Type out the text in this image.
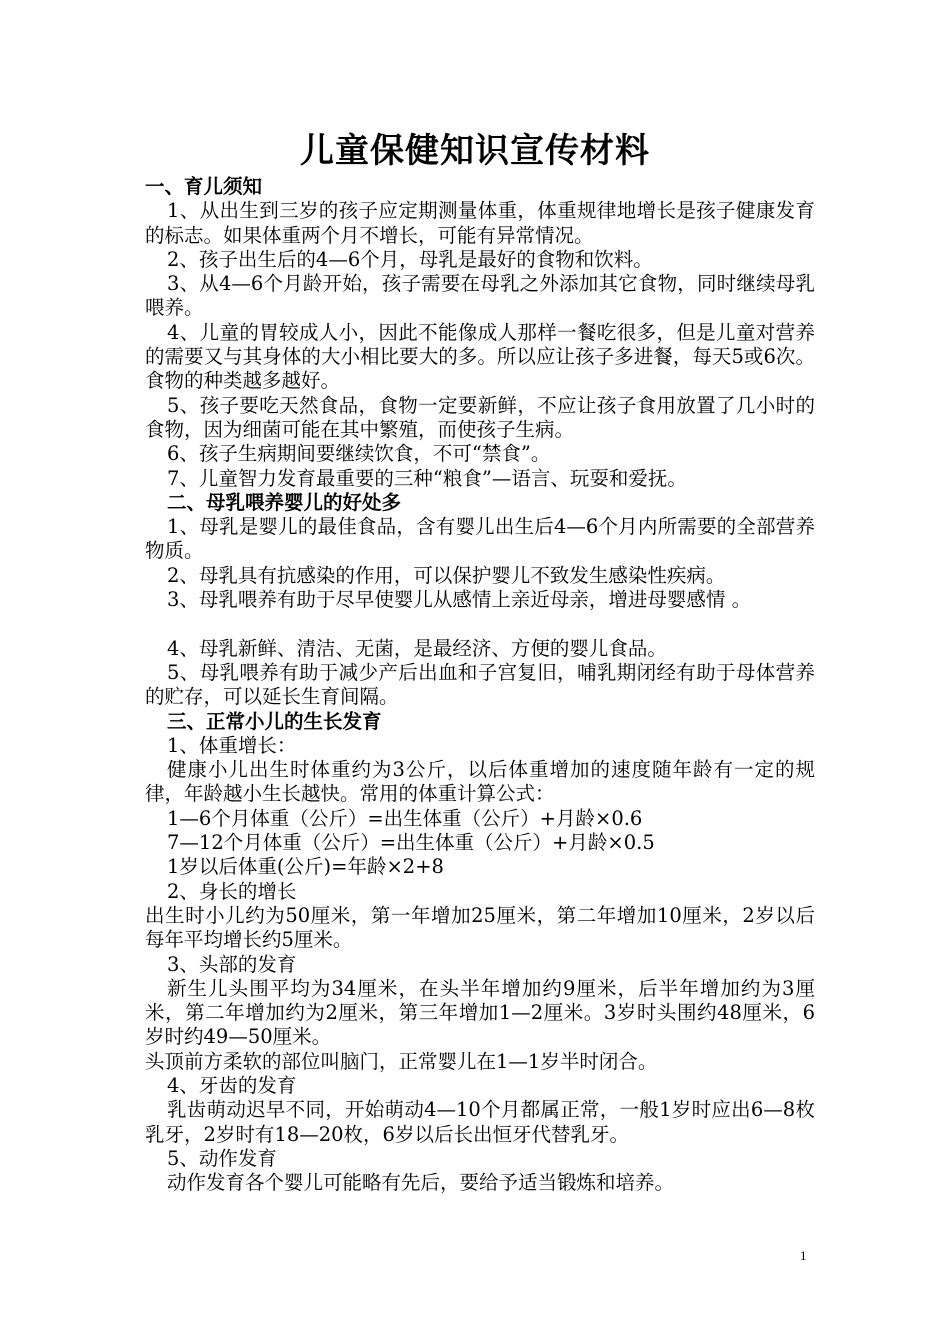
儿童保健知识宣传材料

一、育儿须知

1、从出生到三岁的孩子应定期测量体重，体重规律地增长是孩子健康发育的标志。如果体重两个月不增长，可能有异常情况。

2、孩子出生后的4—6个月，母乳是最好的食物和饮料。

3、从4—6个月龄开始，孩子需要在母乳之外添加其它食物，同时继续母乳喂养。

4、儿童的胃较成人小，因此不能像成人那样一餐吃很多，但是儿童对营养的需要又与其身体的大小相比要大的多。所以应让孩子多进餐，每天5或6次。食物的种类越多越好。

5、孩子要吃天然食品，食物一定要新鲜，不应让孩子食用放置了几小时的食物，因为细菌可能在其中繁殖，而使孩子生病。

6、孩子生病期间要继续饮食，不可“禁食”。

7、儿童智力发育最重要的三种“粮食”—语言、玩耍和爱抚。

二、母乳喂养婴儿的好处多

1、母乳是婴儿的最佳食品，含有婴儿出生后4—6个月内所需要的全部营养物质。

2、母乳具有抗感染的作用，可以保护婴儿不致发生感染性疾病。

3、母乳喂养有助于尽早使婴儿从感情上亲近母亲，增进母婴感情 。

4、母乳新鲜、清洁、无菌，是最经济、方便的婴儿食品。

5、母乳喂养有助于减少产后出血和子宫复旧，哺乳期闭经有助于母体营养的贮存，可以延长生育间隔。

三、正常小儿的生长发育

1、体重增长：

健康小儿出生时体重约为3公斤，以后体重增加的速度随年龄有一定的规律，年龄越小生长越快。常用的体重计算公式：

1—6个月体重（公斤）=出生体重（公斤）+月龄×0.6

7—12个月体重（公斤）=出生体重（公斤）+月龄×0.5

1岁以后体重(公斤)=年龄×2+8

2、身长的增长

出生时小儿约为50厘米，第一年增加25厘米，第二年增加10厘米，2岁以后每年平均增长约5厘米。

3、头部的发育

新生儿头围平均为34厘米，在头半年增加约9厘米，后半年增加约为3厘米，第二年增加约为2厘米，第三年增加1—2厘米。3岁时头围约48厘米，6岁时约49—50厘米。

头顶前方柔软的部位叫脑门，正常婴儿在1—1岁半时闭合。

4、牙齿的发育

乳齿萌动迟早不同，开始萌动4—10个月都属正常，一般1岁时应出6—8枚乳牙，2岁时有18—20枚，6岁以后长出恒牙代替乳牙。

5、动作发育

动作发育各个婴儿可能略有先后，要给予适当锻炼和培养。

1
